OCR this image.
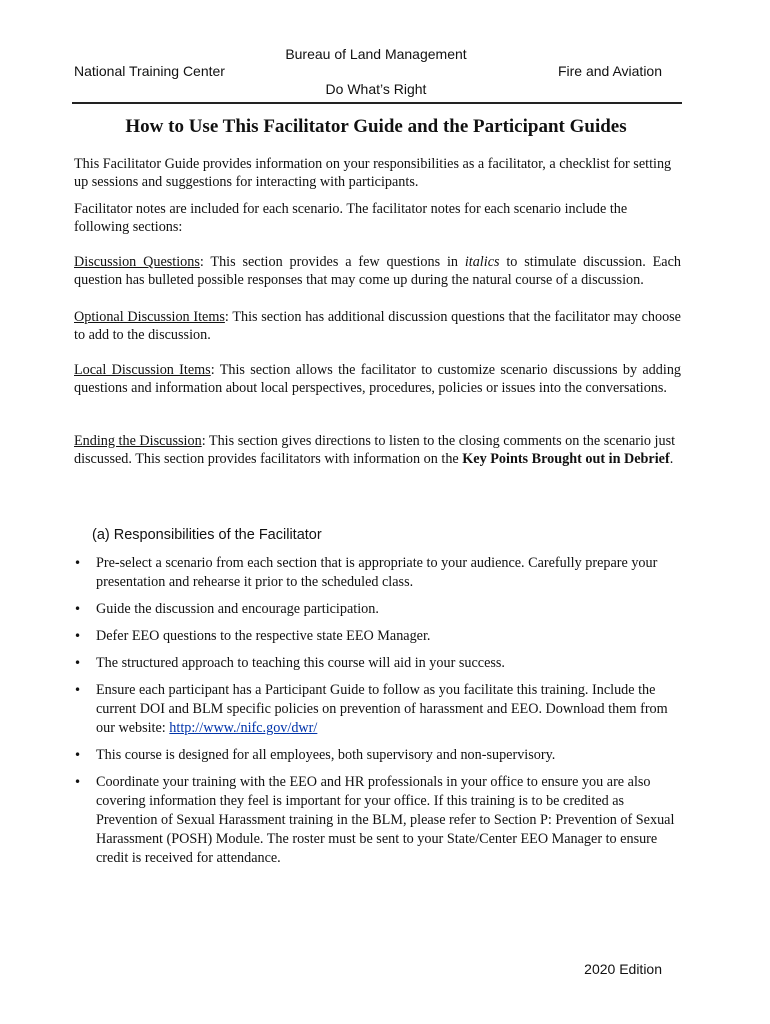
Bureau of Land Management
National Training Center	Fire and Aviation
Do What’s Right
How to Use This Facilitator Guide and the Participant Guides
This Facilitator Guide provides information on your responsibilities as a facilitator, a checklist for setting up sessions and suggestions for interacting with participants.
Facilitator notes are included for each scenario. The facilitator notes for each scenario include the following sections:
Discussion Questions: This section provides a few questions in italics to stimulate discussion. Each question has bulleted possible responses that may come up during the natural course of a discussion.
Optional Discussion Items: This section has additional discussion questions that the facilitator may choose to add to the discussion.
Local Discussion Items: This section allows the facilitator to customize scenario discussions by adding questions and information about local perspectives, procedures, policies or issues into the conversations.
Ending the Discussion: This section gives directions to listen to the closing comments on the scenario just discussed. This section provides facilitators with information on the Key Points Brought out in Debrief.
(a) Responsibilities of the Facilitator
• Pre-select a scenario from each section that is appropriate to your audience. Carefully prepare your presentation and rehearse it prior to the scheduled class.
• Guide the discussion and encourage participation.
• Defer EEO questions to the respective state EEO Manager.
• The structured approach to teaching this course will aid in your success.
• Ensure each participant has a Participant Guide to follow as you facilitate this training. Include the current DOI and BLM specific policies on prevention of harassment and EEO. Download them from our website: http://www./nifc.gov/dwr/
• This course is designed for all employees, both supervisory and non-supervisory.
• Coordinate your training with the EEO and HR professionals in your office to ensure you are also covering information they feel is important for your office. If this training is to be credited as Prevention of Sexual Harassment training in the BLM, please refer to Section P: Prevention of Sexual Harassment (POSH) Module. The roster must be sent to your State/Center EEO Manager to ensure credit is received for attendance.
2020 Edition
